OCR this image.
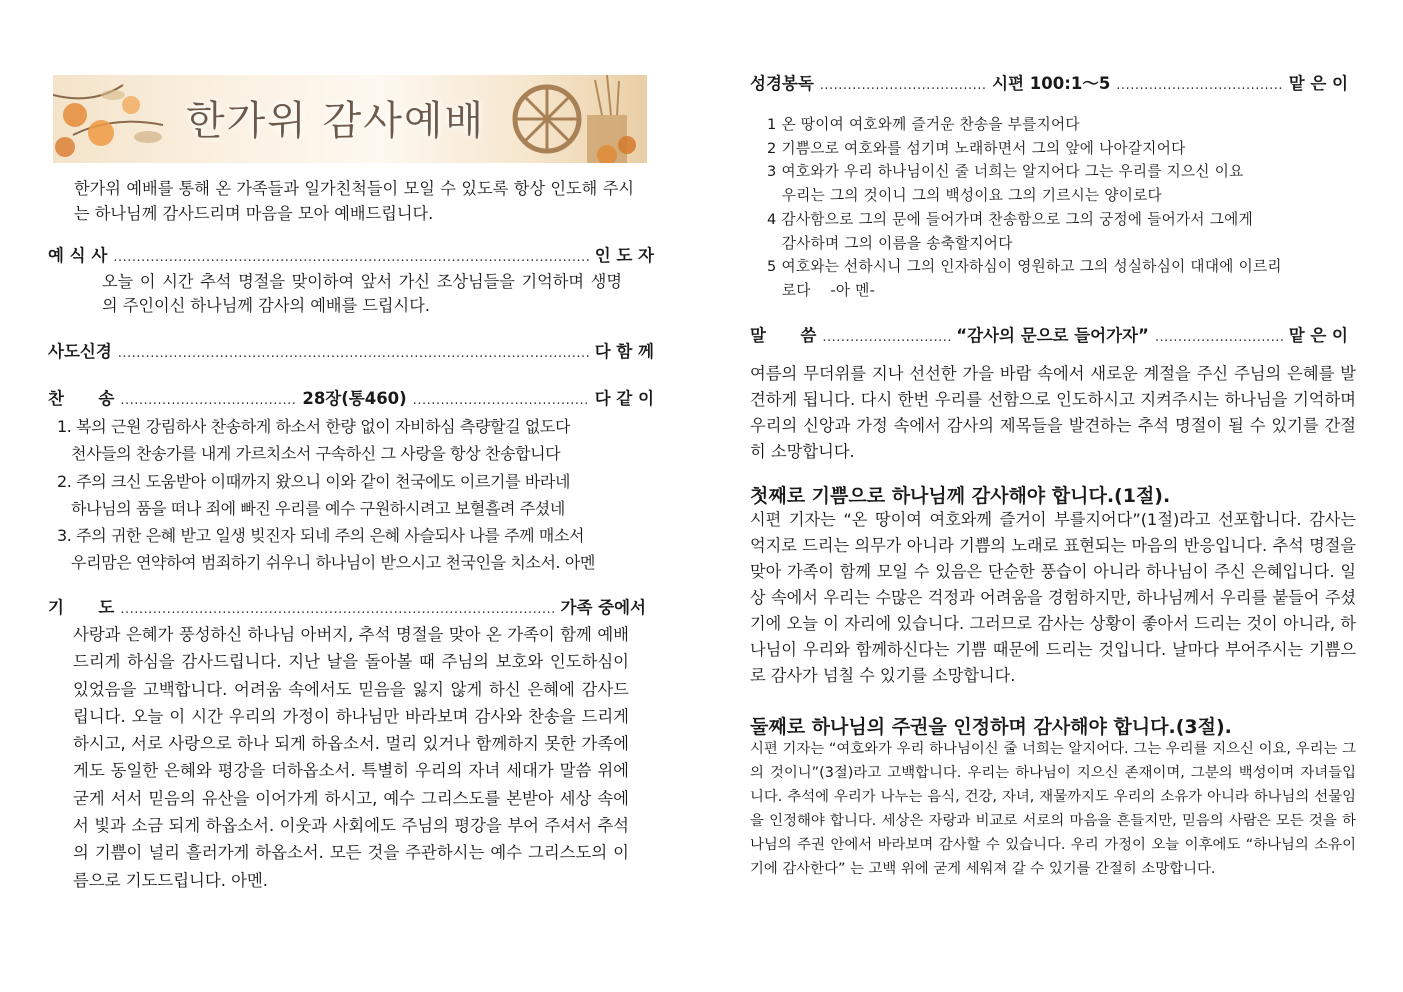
한가위 감사예배
한가위 예배를 통해 온 가족들과 일가친척들이 모일 수 있도록 항상 인도해 주시는 하나님께 감사드리며 마음을 모아 예배드립니다.
예 식 사 .....	인 도 자
오늘 이 시간 추석 명절을 맞이하여 앞서 가신 조상님들을 기억하며 생명의 주인이신 하나님께 감사의 예배를 드립시다.
사도신경 .....	다 함 께
찬      송 .....	28장(통460) .....	다 같 이
1. 복의 근원 강림하사 찬송하게 하소서 한량 없이 자비하심 측량할길 없도다
천사들의 찬송가를 내게 가르치소서 구속하신 그 사랑을 항상 찬송합니다
2. 주의 크신 도움받아 이때까지 왔으니 이와 같이 천국에도 이르기를 바라네
하나님의 품을 떠나 죄에 빠진 우리를 예수 구원하시려고 보혈흘려 주셨네
3. 주의 귀한 은혜 받고 일생 빚진자 되네 주의 은혜 사슬되사 나를 주께 매소서
우리맘은 연약하여 범죄하기 쉬우니 하나님이 받으시고 천국인을 치소서. 아멘
기      도 .....	가족 중에서
사랑과 은혜가 풍성하신 하나님 아버지, 추석 명절을 맞아 온 가족이 함께 예배드리게 하심을 감사드립니다. 지난 날을 돌아볼 때 주님의 보호와 인도하심이 있었음을 고백합니다. 어려움 속에서도 믿음을 잃지 않게 하신 은혜에 감사드립니다. 오늘 이 시간 우리의 가정이 하나님만 바라보며 감사와 찬송을 드리게 하시고, 서로 사랑으로 하나 되게 하옵소서. 멀리 있거나 함께하지 못한 가족에게도 동일한 은혜와 평강을 더하옵소서. 특별히 우리의 자녀 세대가 말씀 위에 굳게 서서 믿음의 유산을 이어가게 하시고, 예수 그리스도를 본받아 세상 속에서 빛과 소금 되게 하옵소서. 이웃과 사회에도 주님의 평강을 부어 주셔서 추석의 기쁨이 널리 흘러가게 하옵소서. 모든 것을 주관하시는 예수 그리스도의 이름으로 기도드립니다. 아멘.
성경봉독 .....	시편 100:1～5 .....	맡 은 이
1 온 땅이여 여호와께 즐거운 찬송을 부를지어다
2 기쁨으로 여호와를 섬기며 노래하면서 그의 앞에 나아갈지어다
3 여호와가 우리 하나님이신 줄 너희는 알지어다 그는 우리를 지으신 이요
우리는 그의 것이니 그의 백성이요 그의 기르시는 양이로다
4 감사함으로 그의 문에 들어가며 찬송함으로 그의 궁정에 들어가서 그에게
감사하며 그의 이름을 송축할지어다
5 여호와는 선하시니 그의 인자하심이 영원하고 그의 성실하심이 대대에 이르리
로다    -아 멘-
말      씀 .....	“감사의 문으로 들어가자” .....	맡 은 이
여름의 무더위를 지나 선선한 가을 바람 속에서 새로운 계절을 주신 주님의 은혜를 발견하게 됩니다. 다시 한번 우리를 선함으로 인도하시고 지켜주시는 하나님을 기억하며 우리의 신앙과 가정 속에서 감사의 제목들을 발견하는 추석 명절이 될 수 있기를 간절히 소망합니다.
첫째로 기쁨으로 하나님께 감사해야 합니다.(1절).
시편 기자는 “온 땅이여 여호와께 즐거이 부를지어다”(1절)라고 선포합니다. 감사는 억지로 드리는 의무가 아니라 기쁨의 노래로 표현되는 마음의 반응입니다. 추석 명절을 맞아 가족이 함께 모일 수 있음은 단순한 풍습이 아니라 하나님이 주신 은혜입니다. 일상 속에서 우리는 수많은 걱정과 어려움을 경험하지만, 하나님께서 우리를 붙들어 주셨기에 오늘 이 자리에 있습니다. 그러므로 감사는 상황이 좋아서 드리는 것이 아니라, 하나님이 우리와 함께하신다는 기쁨 때문에 드리는 것입니다. 날마다 부어주시는 기쁨으로 감사가 넘칠 수 있기를 소망합니다.
둘째로 하나님의 주권을 인정하며 감사해야 합니다.(3절).
시편 기자는 “여호와가 우리 하나님이신 줄 너희는 알지어다. 그는 우리를 지으신 이요, 우리는 그의 것이니”(3절)라고 고백합니다. 우리는 하나님이 지으신 존재이며, 그분의 백성이며 자녀들입니다. 추석에 우리가 나누는 음식, 건강, 자녀, 재물까지도 우리의 소유가 아니라 하나님의 선물임을 인정해야 합니다. 세상은 자랑과 비교로 서로의 마음을 흔들지만, 믿음의 사람은 모든 것을 하나님의 주권 안에서 바라보며 감사할 수 있습니다. 우리 가정이 오늘 이후에도 “하나님의 소유이기에 감사한다” 는 고백 위에 굳게 세워져 갈 수 있기를 간절히 소망합니다.
